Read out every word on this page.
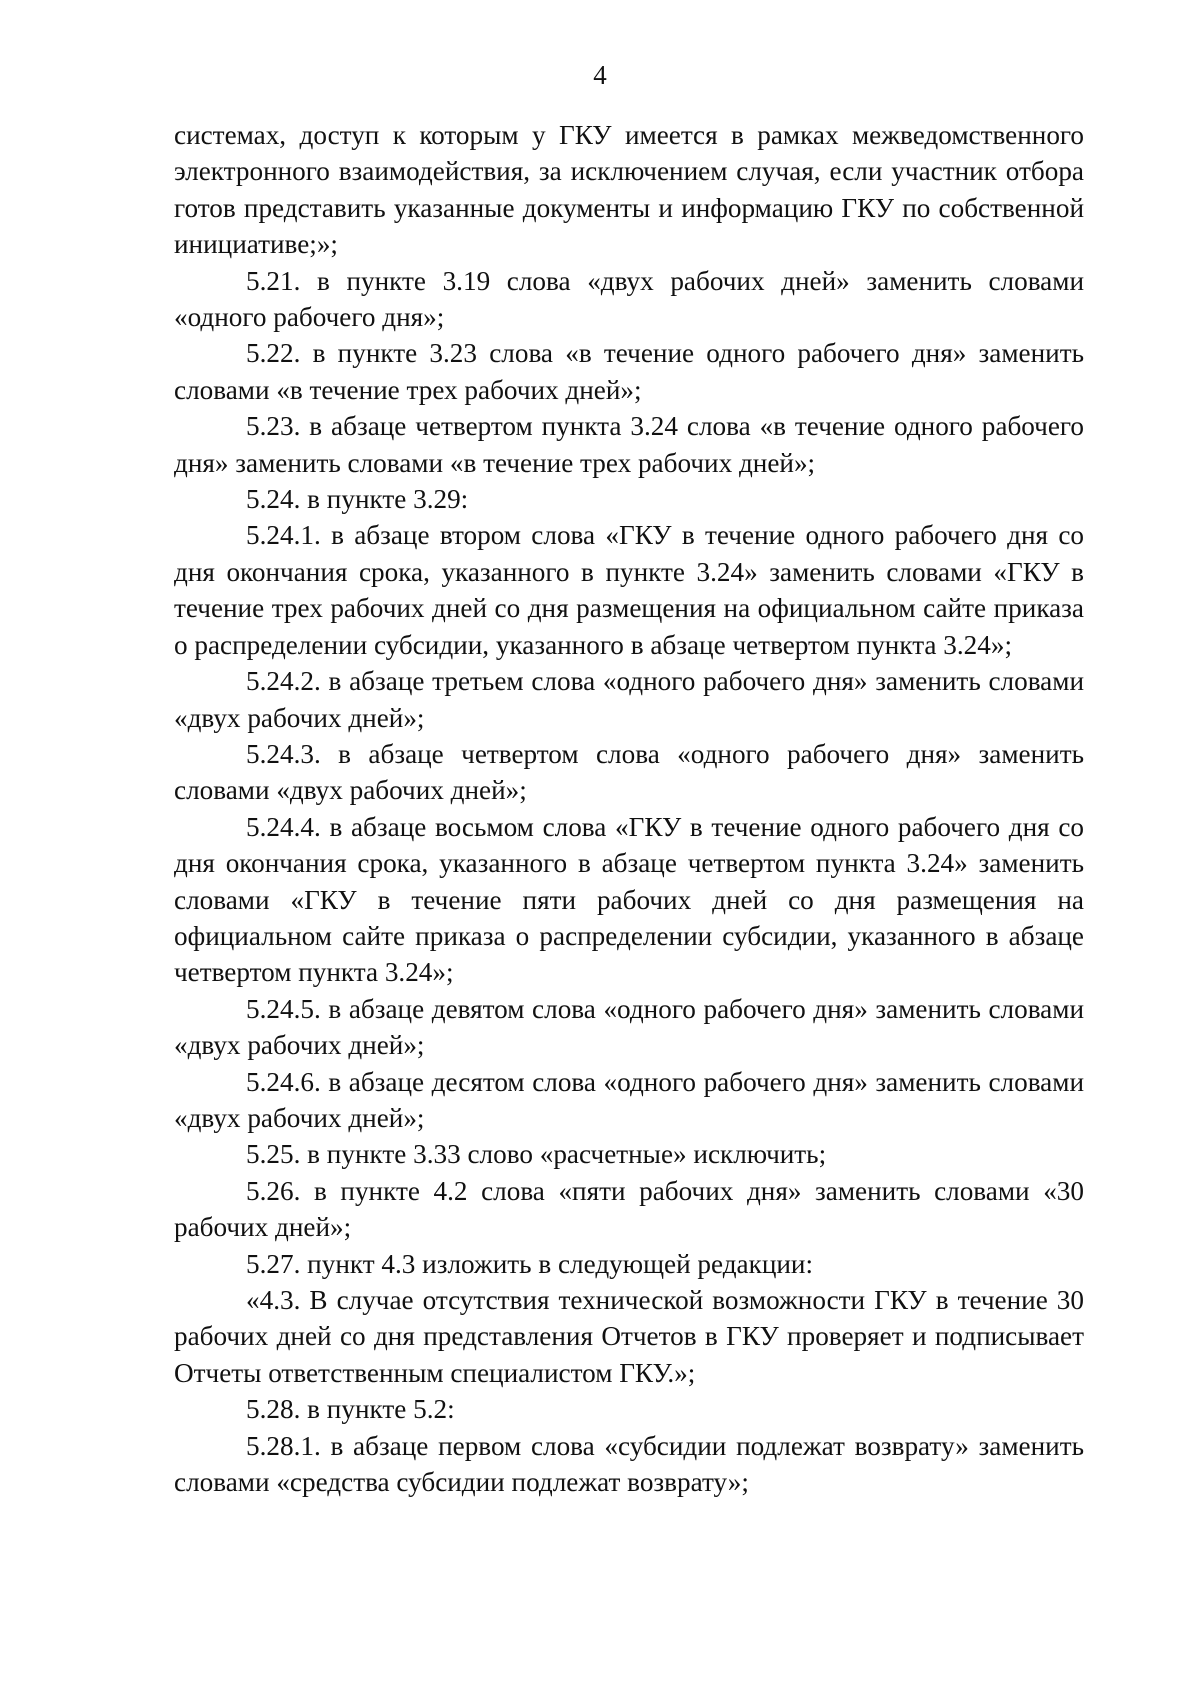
4

системах, доступ к которым у ГКУ имеется в рамках межведомственного электронного взаимодействия, за исключением случая, если участник отбора готов представить указанные документы и информацию ГКУ по собственной инициативе;»;

5.21. в пункте 3.19 слова «двух рабочих дней» заменить словами «одного рабочего дня»;

5.22. в пункте 3.23 слова «в течение одного рабочего дня» заменить словами «в течение трех рабочих дней»;

5.23. в абзаце четвертом пункта 3.24 слова «в течение одного рабочего дня» заменить словами «в течение трех рабочих дней»;

5.24. в пункте 3.29:

5.24.1. в абзаце втором слова «ГКУ в течение одного рабочего дня со дня окончания срока, указанного в пункте 3.24» заменить словами «ГКУ в течение трех рабочих дней со дня размещения на официальном сайте приказа о распределении субсидии, указанного в абзаце четвертом пункта 3.24»;

5.24.2. в абзаце третьем слова «одного рабочего дня» заменить словами «двух рабочих дней»;

5.24.3. в абзаце четвертом слова «одного рабочего дня» заменить словами «двух рабочих дней»;

5.24.4. в абзаце восьмом слова «ГКУ в течение одного рабочего дня со дня окончания срока, указанного в абзаце четвертом пункта 3.24» заменить словами «ГКУ в течение пяти рабочих дней со дня размещения на официальном сайте приказа о распределении субсидии, указанного в абзаце четвертом пункта 3.24»;

5.24.5. в абзаце девятом слова «одного рабочего дня» заменить словами «двух рабочих дней»;

5.24.6. в абзаце десятом слова «одного рабочего дня» заменить словами «двух рабочих дней»;

5.25. в пункте 3.33 слово «расчетные» исключить;

5.26. в пункте 4.2 слова «пяти рабочих дня» заменить словами «30 рабочих дней»;

5.27. пункт 4.3 изложить в следующей редакции:

«4.3. В случае отсутствия технической возможности ГКУ в течение 30 рабочих дней со дня представления Отчетов в ГКУ проверяет и подписывает Отчеты ответственным специалистом ГКУ.»;

5.28. в пункте 5.2:

5.28.1. в абзаце первом слова «субсидии подлежат возврату» заменить словами «средства субсидии подлежат возврату»;
